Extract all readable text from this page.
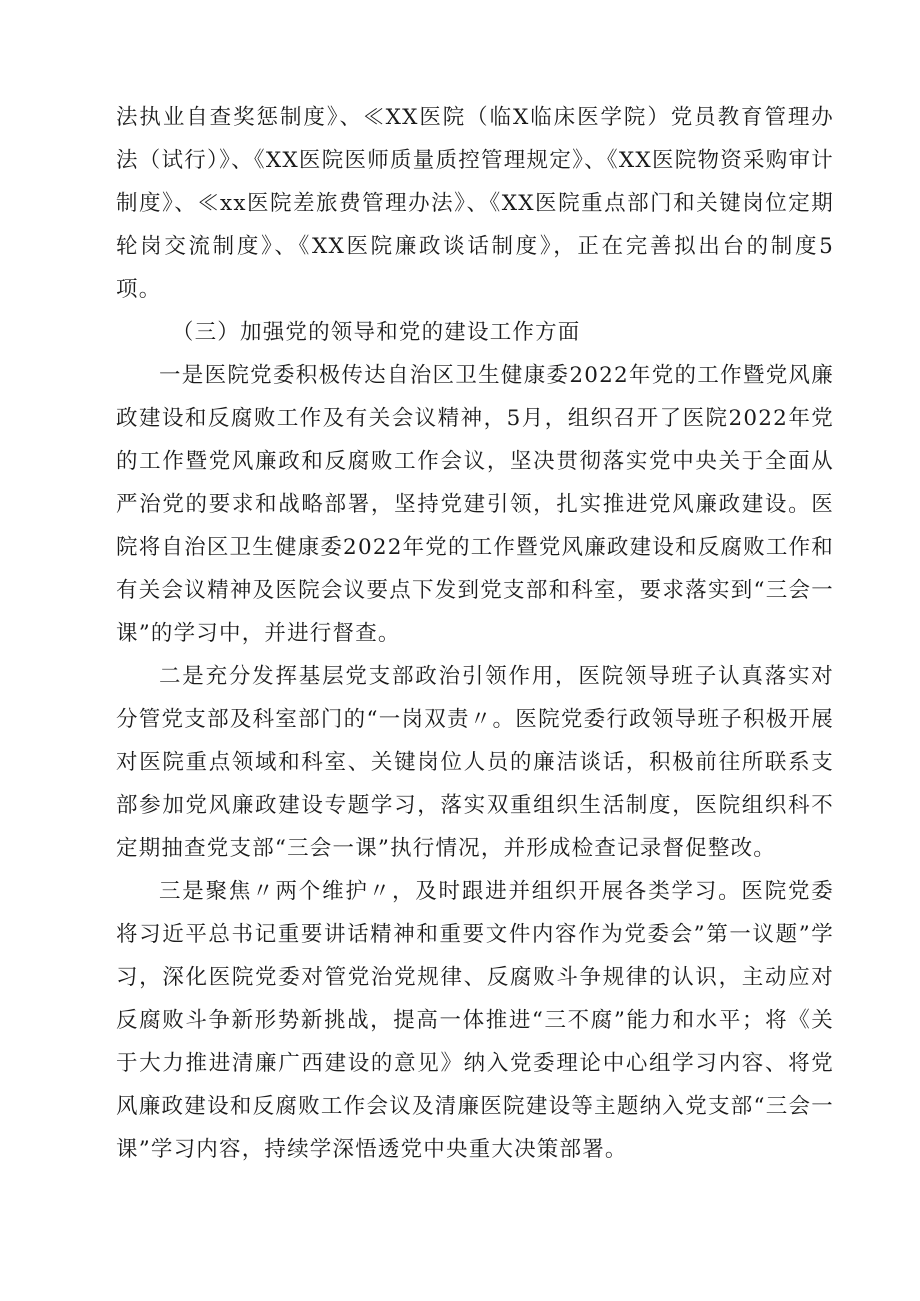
法执业自查奖惩制度》、≪XX医院（临X临床医学院）党员教育管理办法（试行）》、《XX医院医师质量质控管理规定》、《XX医院物资采购审计制度》、≪xx医院差旅费管理办法》、《XX医院重点部门和关键岗位定期轮岗交流制度》、《XX医院廉政谈话制度》，正在完善拟出台的制度5项。

（三）加强党的领导和党的建设工作方面

一是医院党委积极传达自治区卫生健康委2022年党的工作暨党风廉政建设和反腐败工作及有关会议精神，5月，组织召开了医院2022年党的工作暨党风廉政和反腐败工作会议，坚决贯彻落实党中央关于全面从严治党的要求和战略部署，坚持党建引领，扎实推进党风廉政建设。医院将自治区卫生健康委2022年党的工作暨党风廉政建设和反腐败工作和有关会议精神及医院会议要点下发到党支部和科室，要求落实到“三会一课”的学习中，并进行督查。

二是充分发挥基层党支部政治引领作用，医院领导班子认真落实对分管党支部及科室部门的“一岗双责〃。医院党委行政领导班子积极开展对医院重点领域和科室、关键岗位人员的廉洁谈话，积极前往所联系支部参加党风廉政建设专题学习，落实双重组织生活制度，医院组织科不定期抽查党支部“三会一课”执行情况，并形成检查记录督促整改。

三是聚焦〃两个维护〃，及时跟进并组织开展各类学习。医院党委将习近平总书记重要讲话精神和重要文件内容作为党委会”第一议题”学习，深化医院党委对管党治党规律、反腐败斗争规律的认识，主动应对反腐败斗争新形势新挑战，提高一体推进“三不腐”能力和水平；将《关于大力推进清廉广西建设的意见》纳入党委理论中心组学习内容、将党风廉政建设和反腐败工作会议及清廉医院建设等主题纳入党支部“三会一课”学习内容，持续学深悟透党中央重大决策部署。
